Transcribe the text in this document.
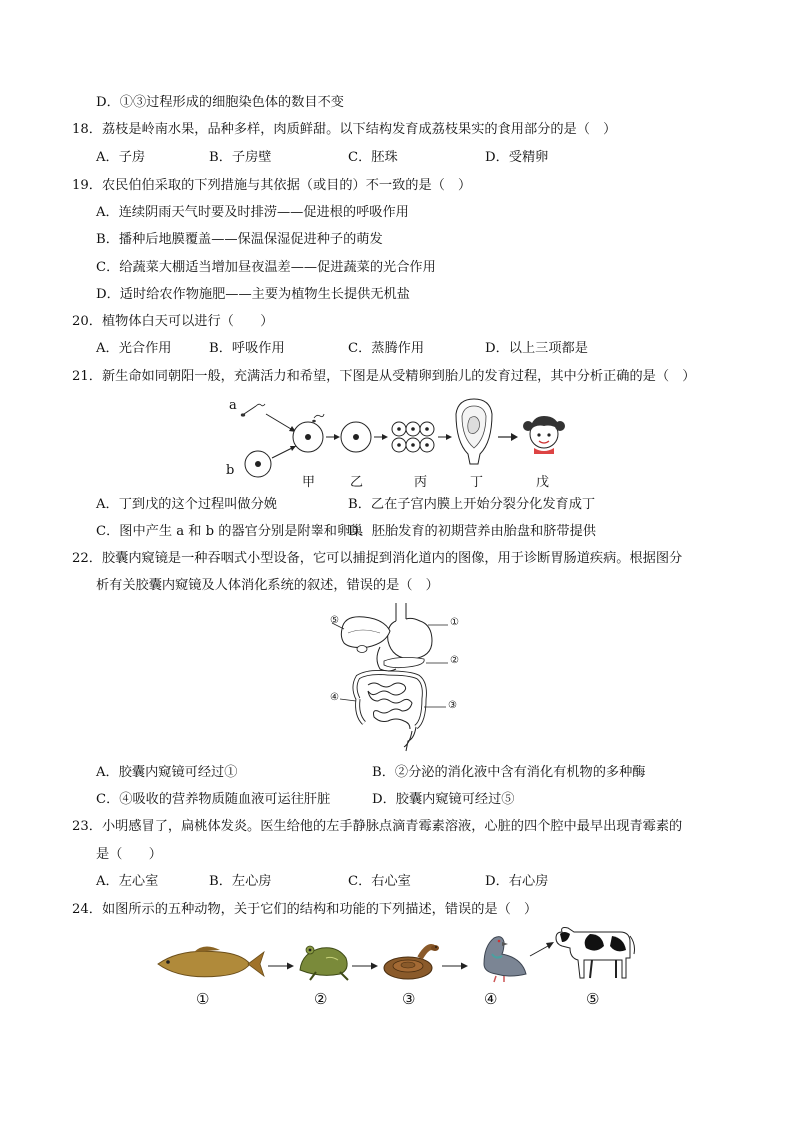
D．①③过程形成的细胞染色体的数目不变
18．荔枝是岭南水果，品种多样，肉质鲜甜。以下结构发育成荔枝果实的食用部分的是（　）
A．子房	B．子房壁	C．胚珠	D．受精卵
19．农民伯伯采取的下列措施与其依据（或目的）不一致的是（　）
A．连续阴雨天气时要及时排涝——促进根的呼吸作用
B．播种后地膜覆盖——保温保湿促进种子的萌发
C．给蔬菜大棚适当增加昼夜温差——促进蔬菜的光合作用
D．适时给农作物施肥——主要为植物生长提供无机盐
20．植物体白天可以进行（　　）
A．光合作用	B．呼吸作用	C．蒸腾作用	D．以上三项都是
21．新生命如同朝阳一般，充满活力和希望，下图是从受精卵到胎儿的发育过程，其中分析正确的是（　）
a
b
甲	乙	丙	丁	戊
A．丁到戊的这个过程叫做分娩	B．乙在子宫内膜上开始分裂分化发育成丁
C．图中产生 a 和 b 的器官分别是附睾和卵巢
D．胚胎发育的初期营养由胎盘和脐带提供
22．胶囊内窥镜是一种吞咽式小型设备，它可以捕捉到消化道内的图像，用于诊断胃肠道疾病。根据图分
析有关胶囊内窥镜及人体消化系统的叙述，错误的是（　）
⑤	①
②
④
③
A．胶囊内窥镜可经过①	B．②分泌的消化液中含有消化有机物的多种酶
C．④吸收的营养物质随血液可运往肝脏	D．胶囊内窥镜可经过⑤
23．小明感冒了，扁桃体发炎。医生给他的左手静脉点滴青霉素溶液，心脏的四个腔中最早出现青霉素的
是（　　）
A．左心室	B．左心房	C．右心室	D．右心房
24．如图所示的五种动物，关于它们的结构和功能的下列描述，错误的是（　）
①	②	③	④	⑤
